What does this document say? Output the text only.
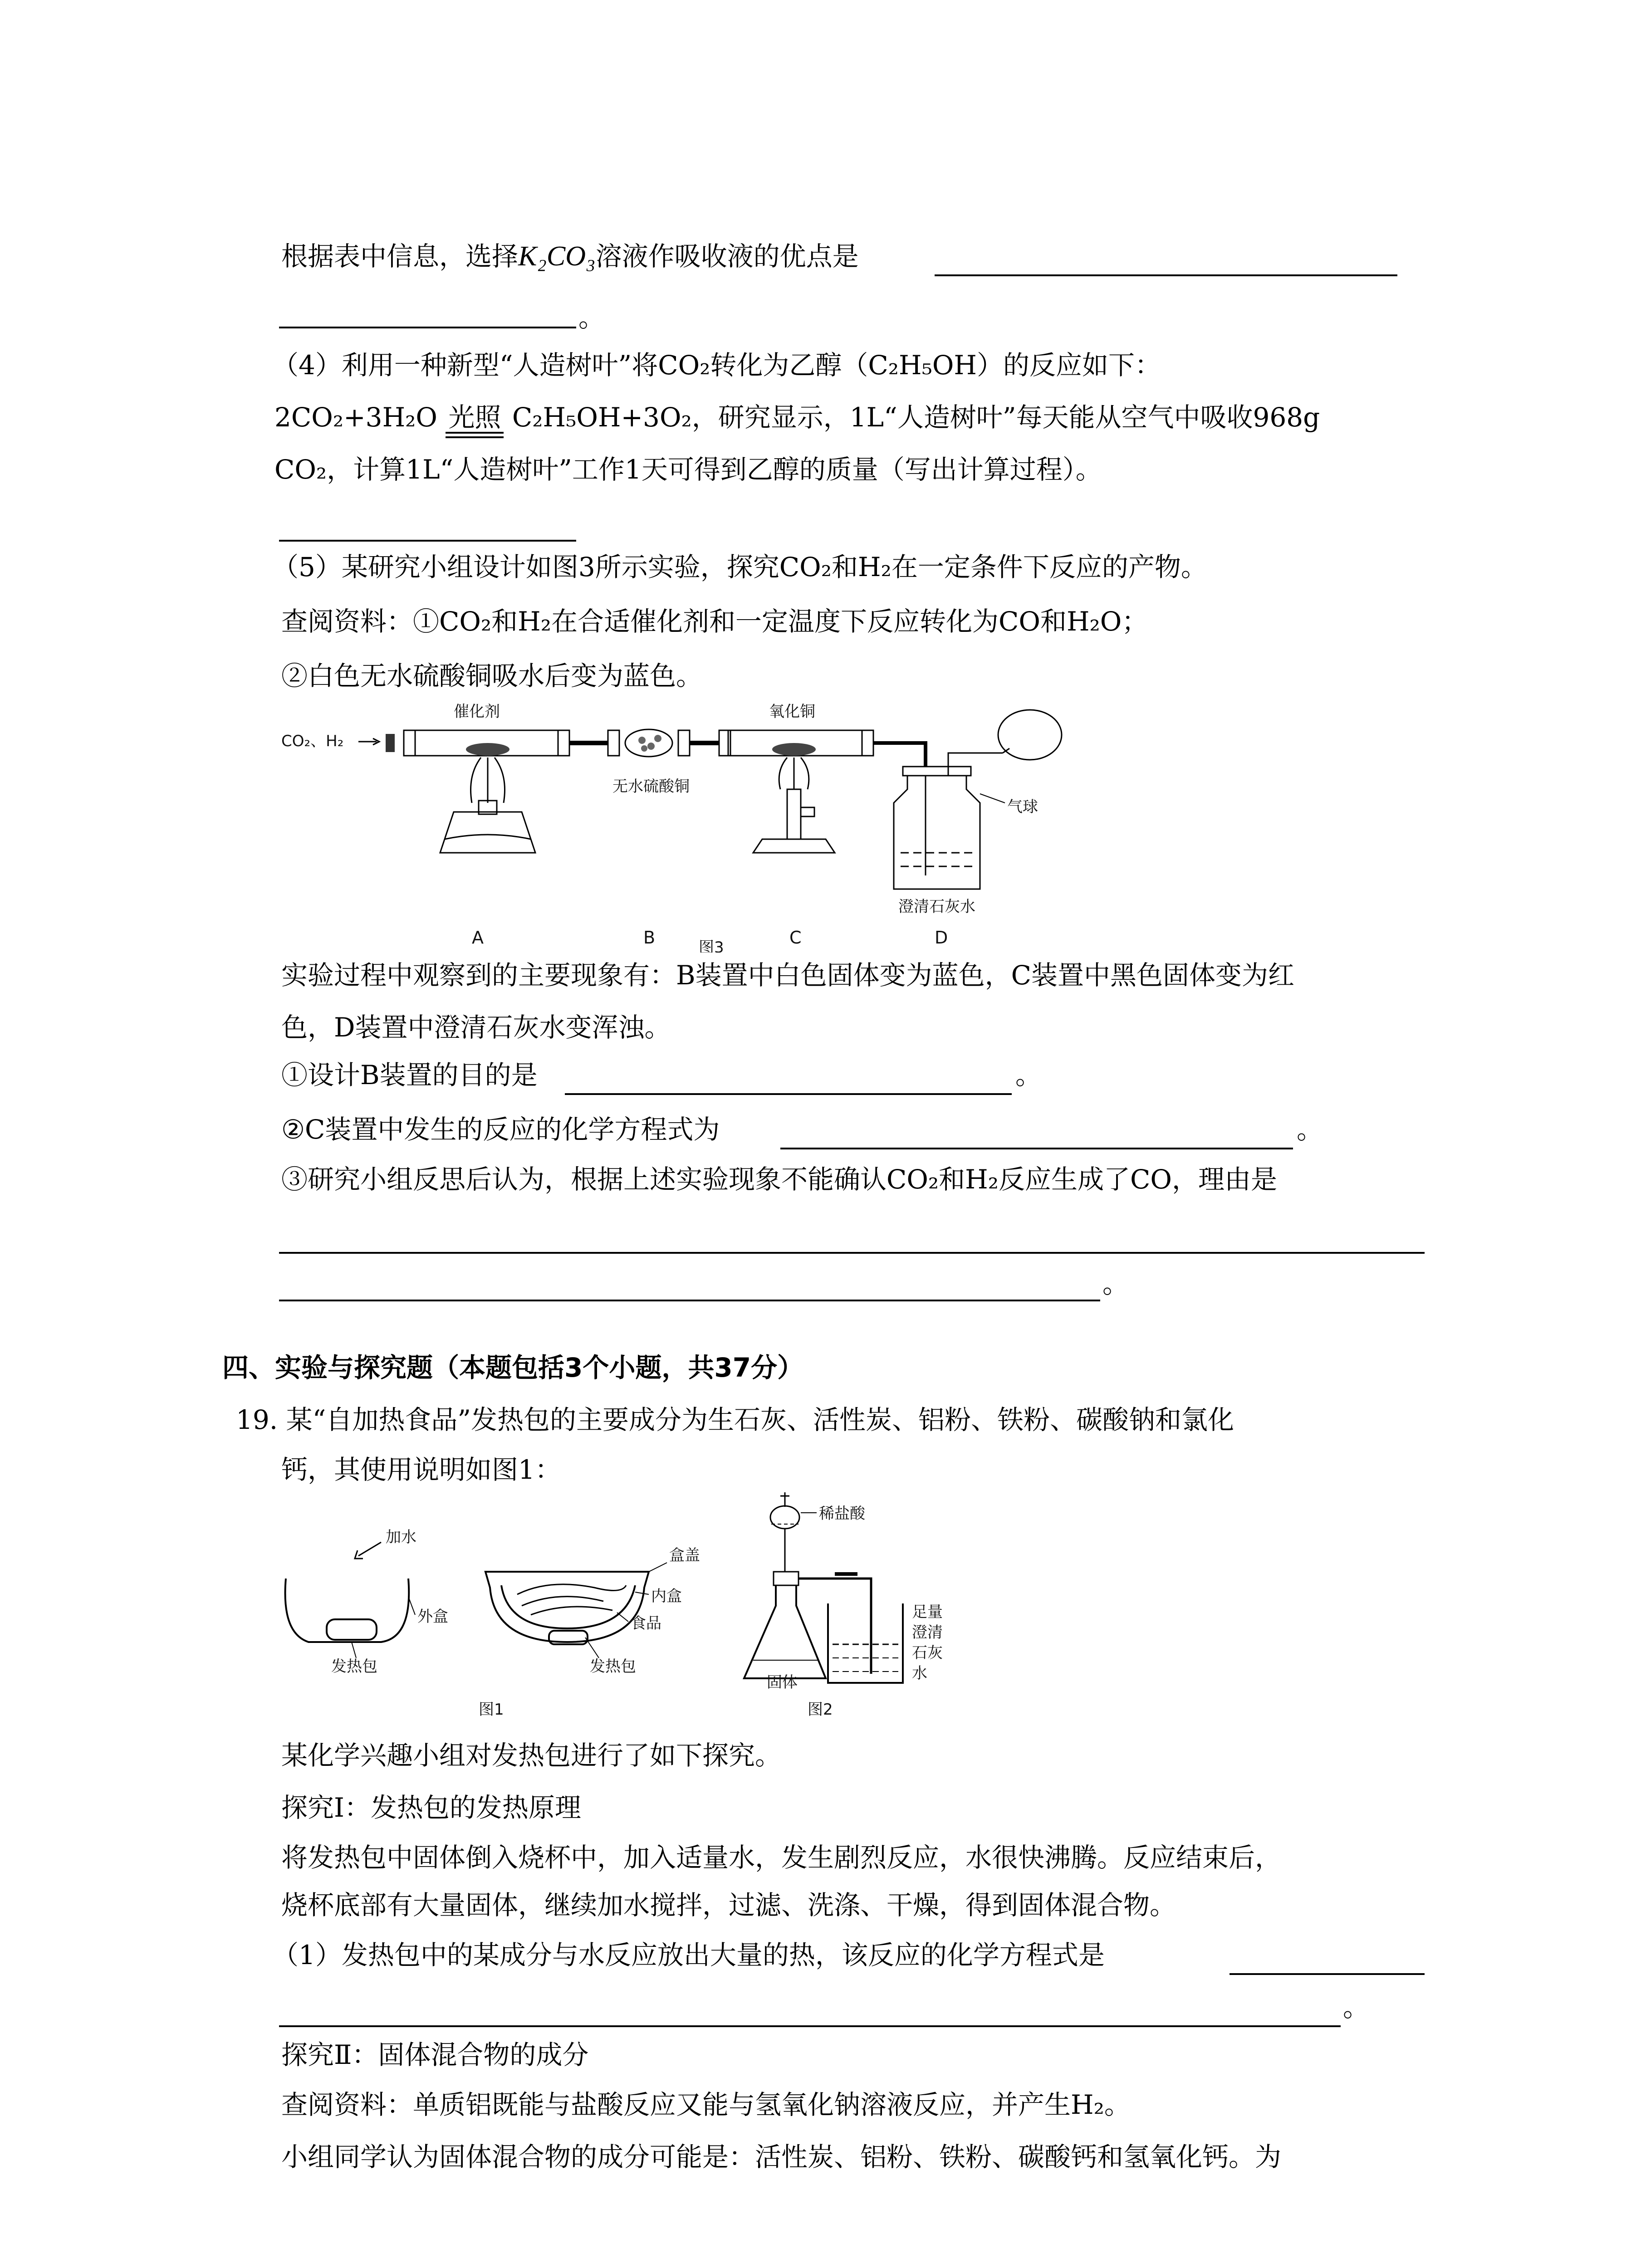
根据表中信息，选择K₂CO₃溶液作吸收液的优点是
。
（4）利用一种新型“人造树叶”将CO₂转化为乙醇（C₂H₅OH）的反应如下：
2CO₂+3H₂O 光照 C₂H₅OH+3O₂，研究显示，1L“人造树叶”每天能从空气中吸收968g
CO₂，计算1L“人造树叶”工作1天可得到乙醇的质量（写出计算过程）。
（5）某研究小组设计如图3所示实验，探究CO₂和H₂在一定条件下反应的产物。
查阅资料：①CO₂和H₂在合适催化剂和一定温度下反应转化为CO和H₂O；
②白色无水硫酸铜吸水后变为蓝色。
CO₂、H₂
催化剂
无水硫酸铜
氧化铜
气球
澄清石灰水
A	B	C	D
图3
实验过程中观察到的主要现象有：B装置中白色固体变为蓝色，C装置中黑色固体变为红
色，D装置中澄清石灰水变浑浊。
①设计B装置的目的是	。
②C装置中发生的反应的化学方程式为	。
③研究小组反思后认为，根据上述实验现象不能确认CO₂和H₂反应生成了CO，理由是
。
四、实验与探究题（本题包括3个小题，共37分）
19. 某“自加热食品”发热包的主要成分为生石灰、活性炭、铝粉、铁粉、碳酸钠和氯化
钙，其使用说明如图1：
加水
外盒
发热包
盒盖
内盒
食品
发热包
图1
稀盐酸
固体
足量
澄清
石灰
水
图2
某化学兴趣小组对发热包进行了如下探究。
探究Ⅰ：发热包的发热原理
将发热包中固体倒入烧杯中，加入适量水，发生剧烈反应，水很快沸腾。反应结束后，
烧杯底部有大量固体，继续加水搅拌，过滤、洗涤、干燥，得到固体混合物。
（1）发热包中的某成分与水反应放出大量的热，该反应的化学方程式是
。
探究Ⅱ：固体混合物的成分
查阅资料：单质铝既能与盐酸反应又能与氢氧化钠溶液反应，并产生H₂。
小组同学认为固体混合物的成分可能是：活性炭、铝粉、铁粉、碳酸钙和氢氧化钙。为
